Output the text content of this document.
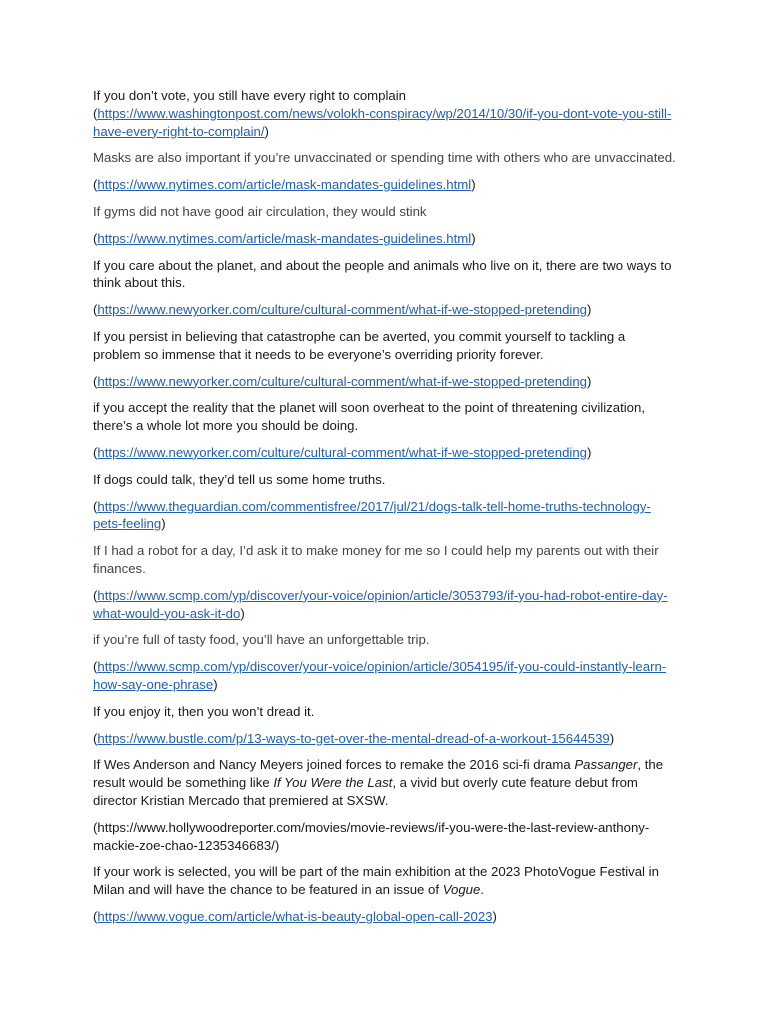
If you don’t vote, you still have every right to complain
(https://www.washingtonpost.com/news/volokh-conspiracy/wp/2014/10/30/if-you-dont-vote-you-still-have-every-right-to-complain/)

Masks are also important if you’re unvaccinated or spending time with others who are unvaccinated.

(https://www.nytimes.com/article/mask-mandates-guidelines.html)

If gyms did not have good air circulation, they would stink

(https://www.nytimes.com/article/mask-mandates-guidelines.html)

If you care about the planet, and about the people and animals who live on it, there are two ways to think about this.

(https://www.newyorker.com/culture/cultural-comment/what-if-we-stopped-pretending)

If you persist in believing that catastrophe can be averted, you commit yourself to tackling a problem so immense that it needs to be everyone’s overriding priority forever.

(https://www.newyorker.com/culture/cultural-comment/what-if-we-stopped-pretending)

if you accept the reality that the planet will soon overheat to the point of threatening civilization, there’s a whole lot more you should be doing.

(https://www.newyorker.com/culture/cultural-comment/what-if-we-stopped-pretending)

If dogs could talk, they’d tell us some home truths.

(https://www.theguardian.com/commentisfree/2017/jul/21/dogs-talk-tell-home-truths-technology-pets-feeling)

If I had a robot for a day, I’d ask it to make money for me so I could help my parents out with their finances.

(https://www.scmp.com/yp/discover/your-voice/opinion/article/3053793/if-you-had-robot-entire-day-what-would-you-ask-it-do)

if you’re full of tasty food, you’ll have an unforgettable trip.

(https://www.scmp.com/yp/discover/your-voice/opinion/article/3054195/if-you-could-instantly-learn-how-say-one-phrase)

If you enjoy it, then you won’t dread it.

(https://www.bustle.com/p/13-ways-to-get-over-the-mental-dread-of-a-workout-15644539)

If Wes Anderson and Nancy Meyers joined forces to remake the 2016 sci-fi drama Passanger, the result would be something like If You Were the Last, a vivid but overly cute feature debut from director Kristian Mercado that premiered at SXSW.

(https://www.hollywoodreporter.com/movies/movie-reviews/if-you-were-the-last-review-anthony-mackie-zoe-chao-1235346683/)

If your work is selected, you will be part of the main exhibition at the 2023 PhotoVogue Festival in Milan and will have the chance to be featured in an issue of Vogue.

(https://www.vogue.com/article/what-is-beauty-global-open-call-2023)
